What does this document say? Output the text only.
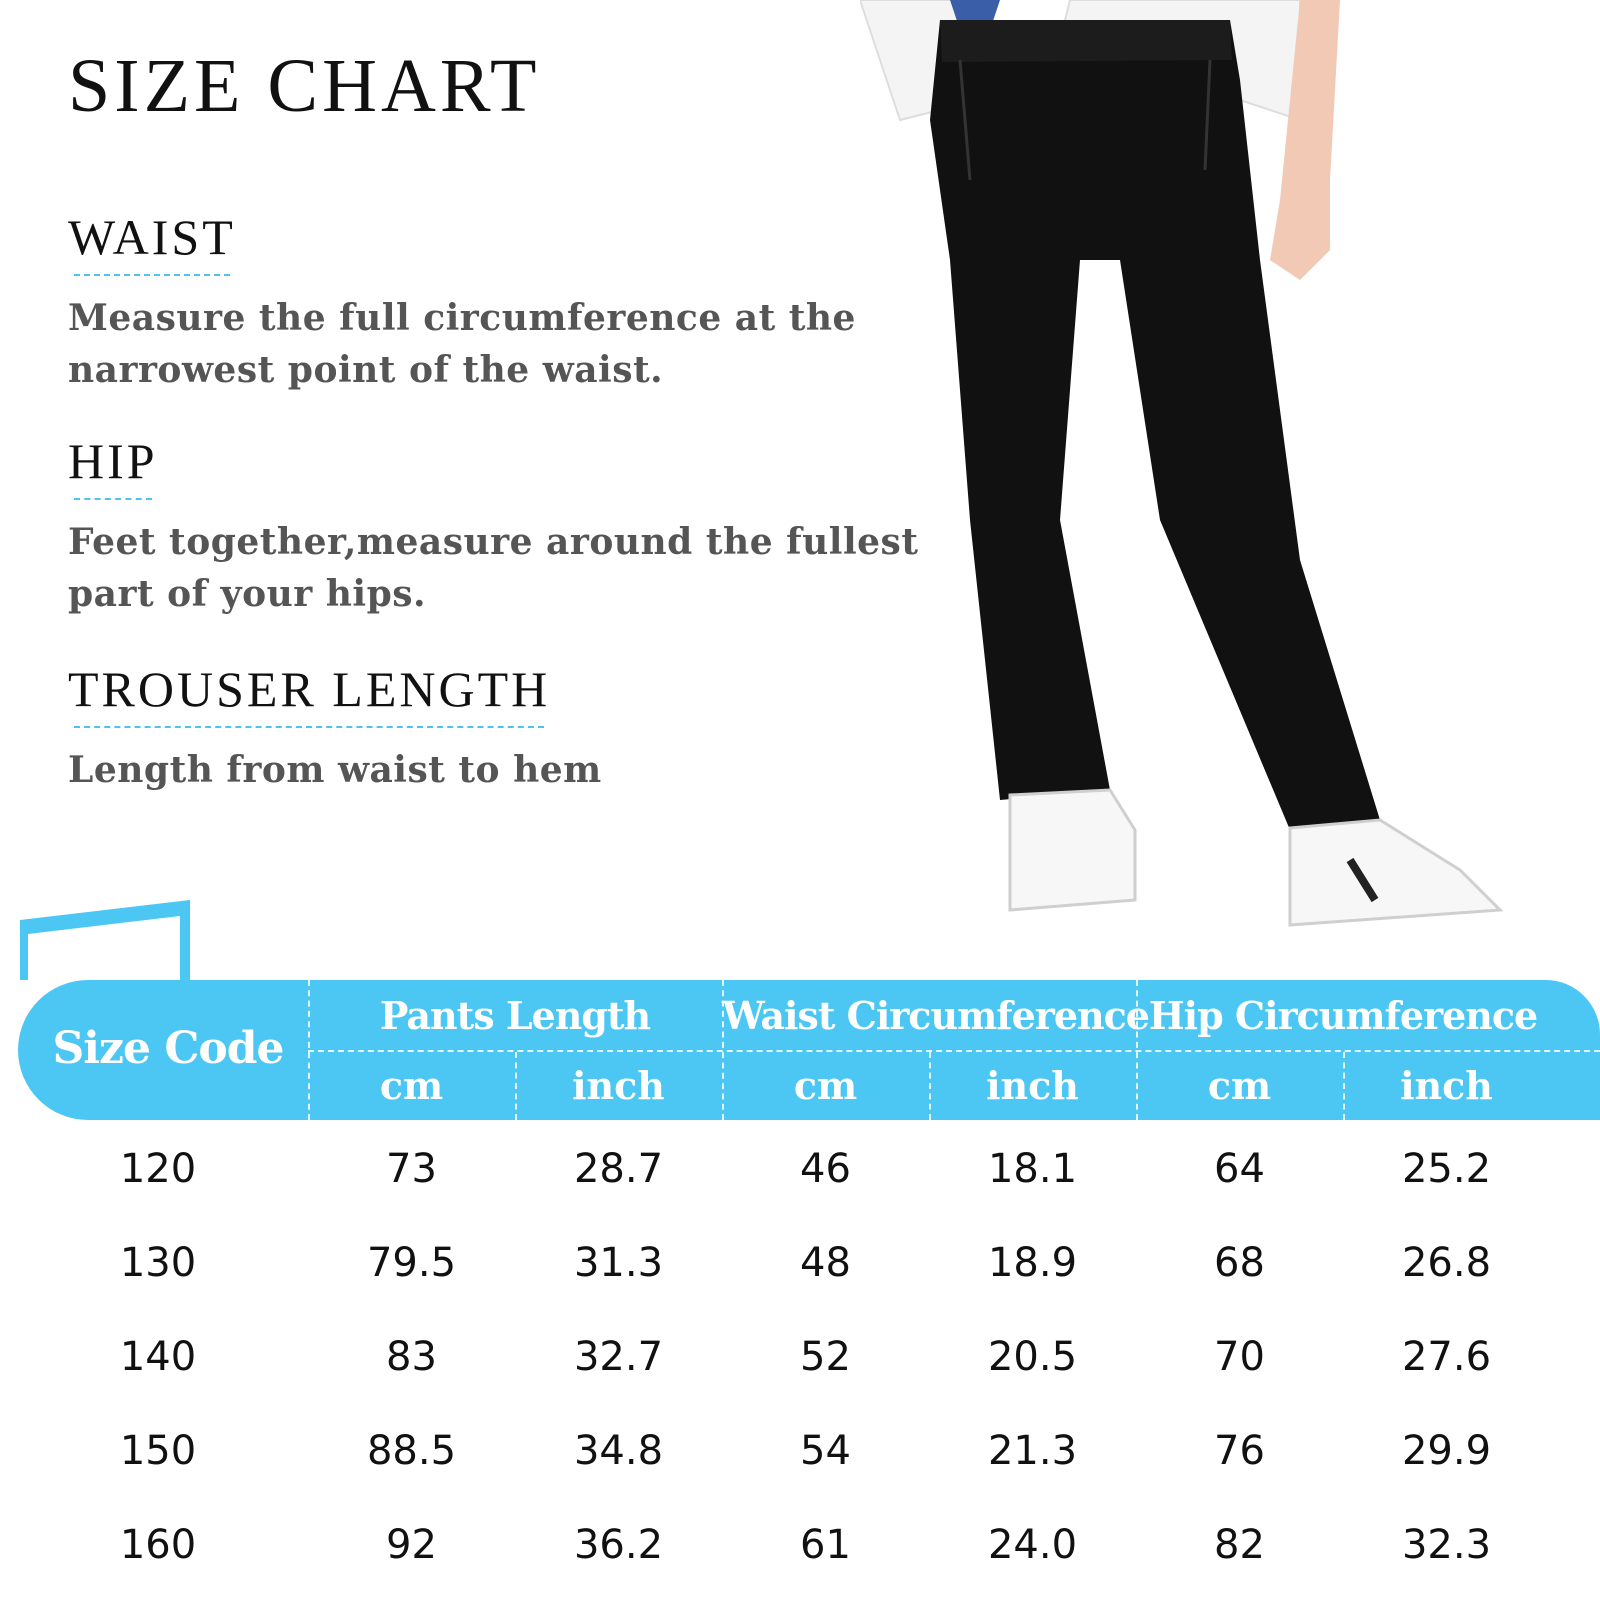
SIZE CHART
WAIST
Measure the full circumference at the
narrowest point of the waist.
HIP
Feet together,measure around the fullest
part of your hips.
TROUSER LENGTH
Length from waist to hem
Size Code
Pants Length	Waist Circumference Hip Circumference
cm	inch	cm	inch	cm	inch
120	73	28.7	46	18.1	64	25.2
130	79.5	31.3	48	18.9	68	26.8
140	83	32.7	52	20.5	70	27.6
150	88.5	34.8	54	21.3	76	29.9
160	92	36.2	61	24.0	82	32.3
